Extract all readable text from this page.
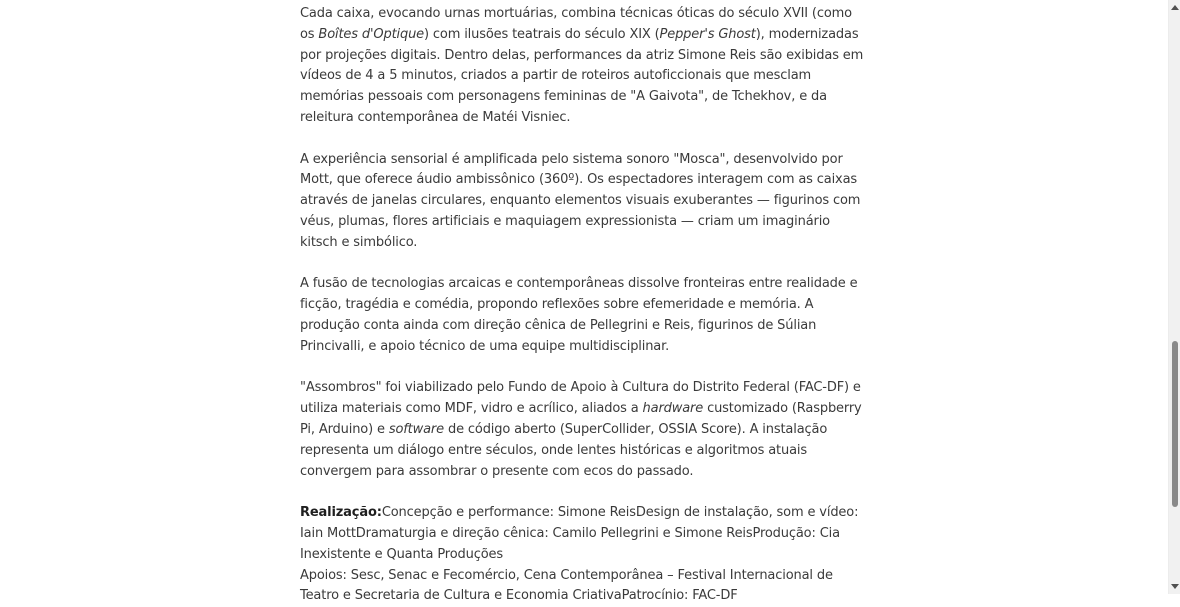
Cada caixa, evocando urnas mortuárias, combina técnicas óticas do século XVII (como os Boîtes d'Optique) com ilusões teatrais do século XIX (Pepper's Ghost), modernizadas por projeções digitais. Dentro delas, performances da atriz Simone Reis são exibidas em vídeos de 4 a 5 minutos, criados a partir de roteiros autoficcionais que mesclam memórias pessoais com personagens femininas de "A Gaivota", de Tchekhov, e da releitura contemporânea de Matéi Visniec.

A experiência sensorial é amplificada pelo sistema sonoro "Mosca", desenvolvido por Mott, que oferece áudio ambissônico (360º). Os espectadores interagem com as caixas através de janelas circulares, enquanto elementos visuais exuberantes — figurinos com véus, plumas, flores artificiais e maquiagem expressionista — criam um imaginário kitsch e simbólico.

A fusão de tecnologias arcaicas e contemporâneas dissolve fronteiras entre realidade e ficção, tragédia e comédia, propondo reflexões sobre efemeridade e memória. A produção conta ainda com direção cênica de Pellegrini e Reis, figurinos de Súlian Princivalli, e apoio técnico de uma equipe multidisciplinar.

"Assombros" foi viabilizado pelo Fundo de Apoio à Cultura do Distrito Federal (FAC-DF) e utiliza materiais como MDF, vidro e acrílico, aliados a hardware customizado (Raspberry Pi, Arduino) e software de código aberto (SuperCollider, OSSIA Score). A instalação representa um diálogo entre séculos, onde lentes históricas e algoritmos atuais convergem para assombrar o presente com ecos do passado.

Realização:Concepção e performance: Simone ReisDesign de instalação, som e vídeo: Iain MottDramaturgia e direção cênica: Camilo Pellegrini e Simone ReisProdução: Cia Inexistente e Quanta Produções

Apoios: Sesc, Senac e Fecomércio, Cena Contemporânea – Festival Internacional de Teatro e Secretaria de Cultura e Economia CriativaPatrocínio: FAC-DF
